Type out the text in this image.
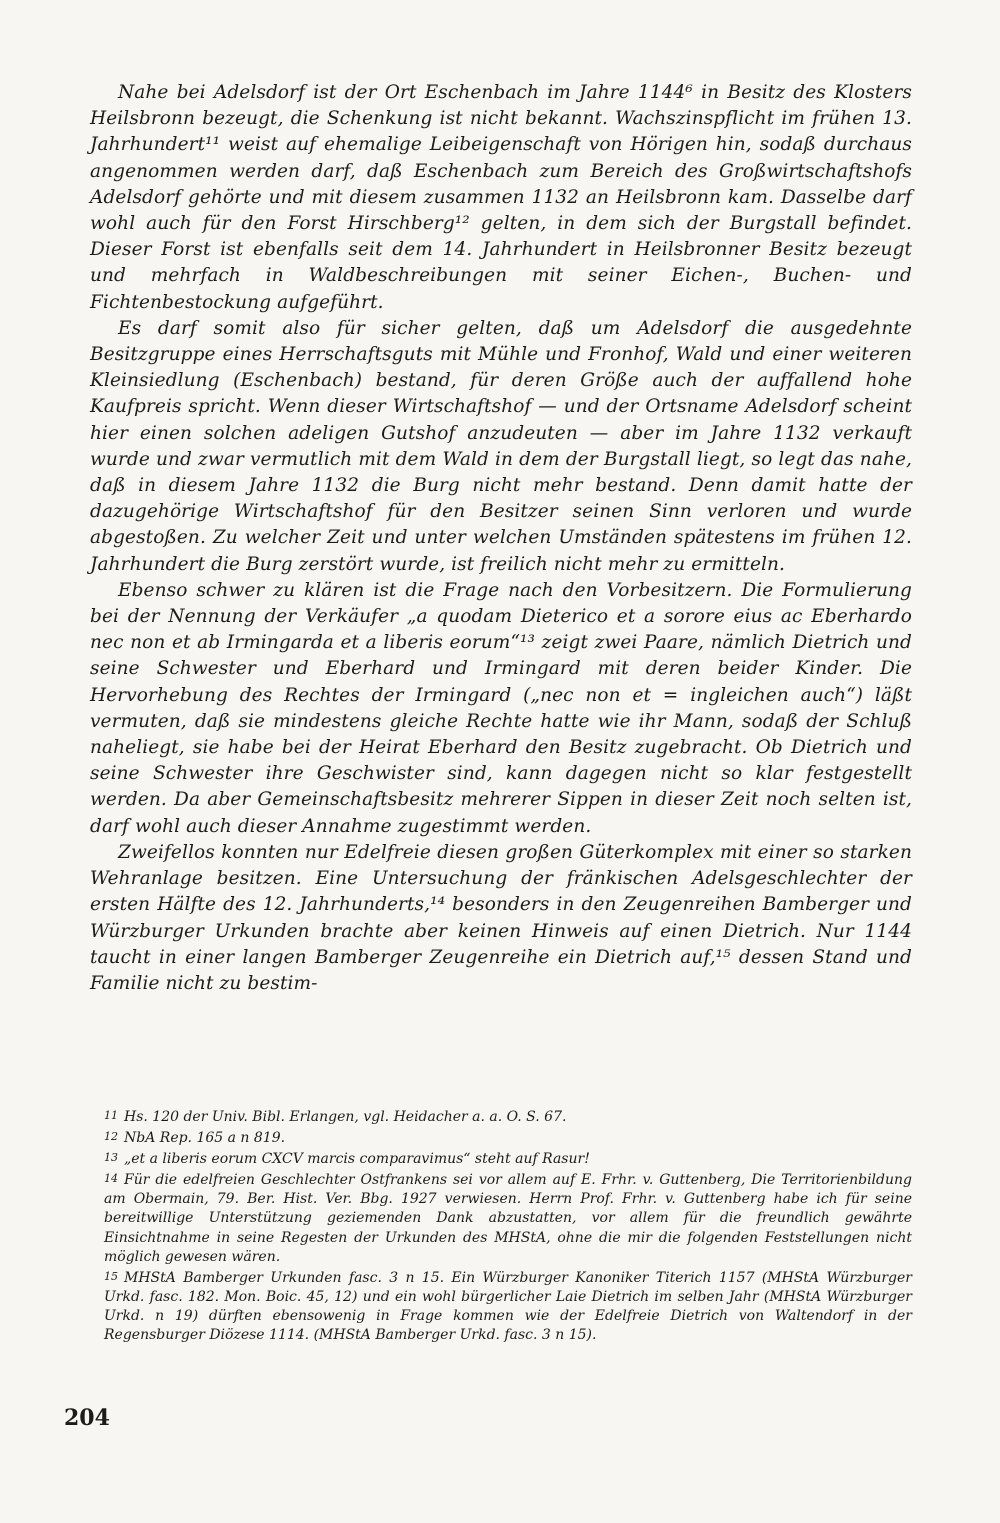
Nahe bei Adelsdorf ist der Ort Eschenbach im Jahre 1144⁶ in Besitz des Klosters Heilsbronn bezeugt, die Schenkung ist nicht bekannt. Wachszinspflicht im frühen 13. Jahrhundert¹¹ weist auf ehemalige Leibeigenschaft von Hörigen hin, sodaß durchaus angenommen werden darf, daß Eschenbach zum Bereich des Großwirtschaftshofs Adelsdorf gehörte und mit diesem zusammen 1132 an Heilsbronn kam. Dasselbe darf wohl auch für den Forst Hirschberg¹² gelten, in dem sich der Burgstall befindet. Dieser Forst ist ebenfalls seit dem 14. Jahrhundert in Heilsbronner Besitz bezeugt und mehrfach in Waldbeschreibungen mit seiner Eichen-, Buchen- und Fichtenbestockung aufgeführt.

Es darf somit also für sicher gelten, daß um Adelsdorf die ausgedehnte Besitzgruppe eines Herrschaftsguts mit Mühle und Fronhof, Wald und einer weiteren Kleinsiedlung (Eschenbach) bestand, für deren Größe auch der auffallend hohe Kaufpreis spricht. Wenn dieser Wirtschaftshof — und der Ortsname Adelsdorf scheint hier einen solchen adeligen Gutshof anzudeuten — aber im Jahre 1132 verkauft wurde und zwar vermutlich mit dem Wald in dem der Burgstall liegt, so legt das nahe, daß in diesem Jahre 1132 die Burg nicht mehr bestand. Denn damit hatte der dazugehörige Wirtschaftshof für den Besitzer seinen Sinn verloren und wurde abgestoßen. Zu welcher Zeit und unter welchen Umständen spätestens im frühen 12. Jahrhundert die Burg zerstört wurde, ist freilich nicht mehr zu ermitteln.

Ebenso schwer zu klären ist die Frage nach den Vorbesitzern. Die Formulierung bei der Nennung der Verkäufer „a quodam Dieterico et a sorore eius ac Eberhardo nec non et ab Irmingarda et a liberis eorum“¹³ zeigt zwei Paare, nämlich Dietrich und seine Schwester und Eberhard und Irmingard mit deren beider Kinder. Die Hervorhebung des Rechtes der Irmingard („nec non et = ingleichen auch“) läßt vermuten, daß sie mindestens gleiche Rechte hatte wie ihr Mann, sodaß der Schluß naheliegt, sie habe bei der Heirat Eberhard den Besitz zugebracht. Ob Dietrich und seine Schwester ihre Geschwister sind, kann dagegen nicht so klar festgestellt werden. Da aber Gemeinschaftsbesitz mehrerer Sippen in dieser Zeit noch selten ist, darf wohl auch dieser Annahme zugestimmt werden.

Zweifellos konnten nur Edelfreie diesen großen Güterkomplex mit einer so starken Wehranlage besitzen. Eine Untersuchung der fränkischen Adelsgeschlechter der ersten Hälfte des 12. Jahrhunderts,¹⁴ besonders in den Zeugenreihen Bamberger und Würzburger Urkunden brachte aber keinen Hinweis auf einen Dietrich. Nur 1144 taucht in einer langen Bamberger Zeugenreihe ein Dietrich auf,¹⁵ dessen Stand und Familie nicht zu bestim-

11 Hs. 120 der Univ. Bibl. Erlangen, vgl. Heidacher a. a. O. S. 67.

12 NbA Rep. 165 a n 819.

13 „et a liberis eorum CXCV marcis comparavimus“ steht auf Rasur!

14 Für die edelfreien Geschlechter Ostfrankens sei vor allem auf E. Frhr. v. Guttenberg, Die Territorienbildung am Obermain, 79. Ber. Hist. Ver. Bbg. 1927 verwiesen. Herrn Prof. Frhr. v. Guttenberg habe ich für seine bereitwillige Unterstützung geziemenden Dank abzustatten, vor allem für die freundlich gewährte Einsichtnahme in seine Regesten der Urkunden des MHStA, ohne die mir die folgenden Feststellungen nicht möglich gewesen wären.

15 MHStA Bamberger Urkunden fasc. 3 n 15. Ein Würzburger Kanoniker Titerich 1157 (MHStA Würzburger Urkd. fasc. 182. Mon. Boic. 45, 12) und ein wohl bürgerlicher Laie Dietrich im selben Jahr (MHStA Würzburger Urkd. n 19) dürften ebensowenig in Frage kommen wie der Edelfreie Dietrich von Waltendorf in der Regensburger Diözese 1114. (MHStA Bamberger Urkd. fasc. 3 n 15).

204
